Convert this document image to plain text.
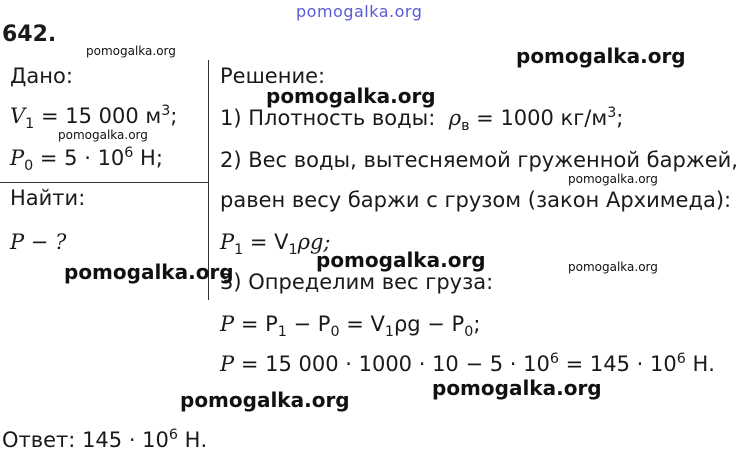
pomogalka.org
642.
Дано:
$V_1 = 15$ 000 $м^3$;
$P_0 = 5 \cdot 10^6$ Н;
Найти:
P − ?
Решение:
1) Плотность воды: $\rho_в = 1000$ $кг/м^3$;
2) Вес воды, вытесняемой груженной баржей,
равен весу баржи с грузом (закон Архимеда):
$P_1 = V_1\rho g$;
3) Определим вес груза:
$P = P_1 - P_0 = V_1\rho g - P_0$;
P = 15 $000 \cdot 1000 \cdot 10 - 5 \cdot 10^6 = 145 \cdot 10^6$ Н.
Ответ: $145 \cdot 10^6$ Н.
pomogalka.org	pomogalka.org
pomogalka.org
pomogalka.org
pomogalka.org
pomogalka.org
pomogalka.org	pomogalka.org
pomogalka.org
pomogalka.org
